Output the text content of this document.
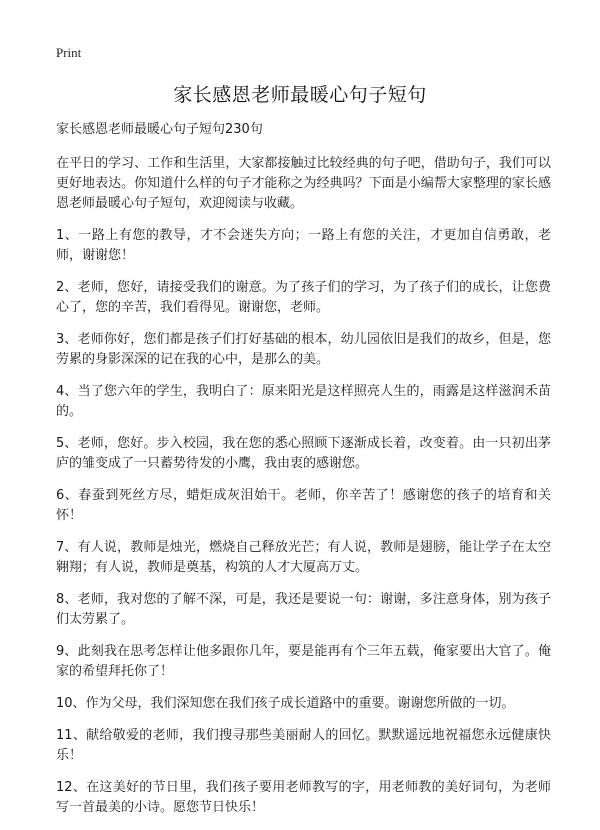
Print
家长感恩老师最暖心句子短句

家长感恩老师最暖心句子短句230句

在平日的学习、工作和生活里，大家都接触过比较经典的句子吧，借助句子，我们可以更好地表达。你知道什么样的句子才能称之为经典吗？下面是小编帮大家整理的家长感恩老师最暖心句子短句，欢迎阅读与收藏。

1、一路上有您的教导，才不会迷失方向；一路上有您的关注，才更加自信勇敢，老师，谢谢您！

2、老师，您好，请接受我们的谢意。为了孩子们的学习，为了孩子们的成长，让您费心了，您的辛苦，我们看得见。谢谢您，老师。

3、老师你好，您们都是孩子们打好基础的根本，幼儿园依旧是我们的故乡，但是，您劳累的身影深深的记在我的心中，是那么的美。

4、当了您六年的学生，我明白了：原来阳光是这样照亮人生的，雨露是这样滋润禾苗的。

5、老师，您好。步入校园，我在您的悉心照顾下逐渐成长着，改变着。由一只初出茅庐的雏变成了一只蓄势待发的小鹰，我由衷的感谢您。

6、春蚕到死丝方尽，蜡炬成灰泪始干。老师，你辛苦了！感谢您的孩子的培育和关怀！

7、有人说，教师是烛光，燃烧自己释放光芒；有人说，教师是翅膀，能让学子在太空翱翔；有人说，教师是奠基，构筑的人才大厦高万丈。

8、老师，我对您的了解不深，可是，我还是要说一句：谢谢，多注意身体，别为孩子们太劳累了。

9、此刻我在思考怎样让他多跟你几年，要是能再有个三年五载，俺家要出大官了。俺家的希望拜托你了！

10、作为父母，我们深知您在我们孩子成长道路中的重要。谢谢您所做的一切。

11、献给敬爱的老师，我们搜寻那些美丽耐人的回忆。默默遥远地祝福您永远健康快乐！

12、在这美好的节日里，我们孩子要用老师教写的字，用老师教的美好词句，为老师写一首最美的小诗。愿您节日快乐！
